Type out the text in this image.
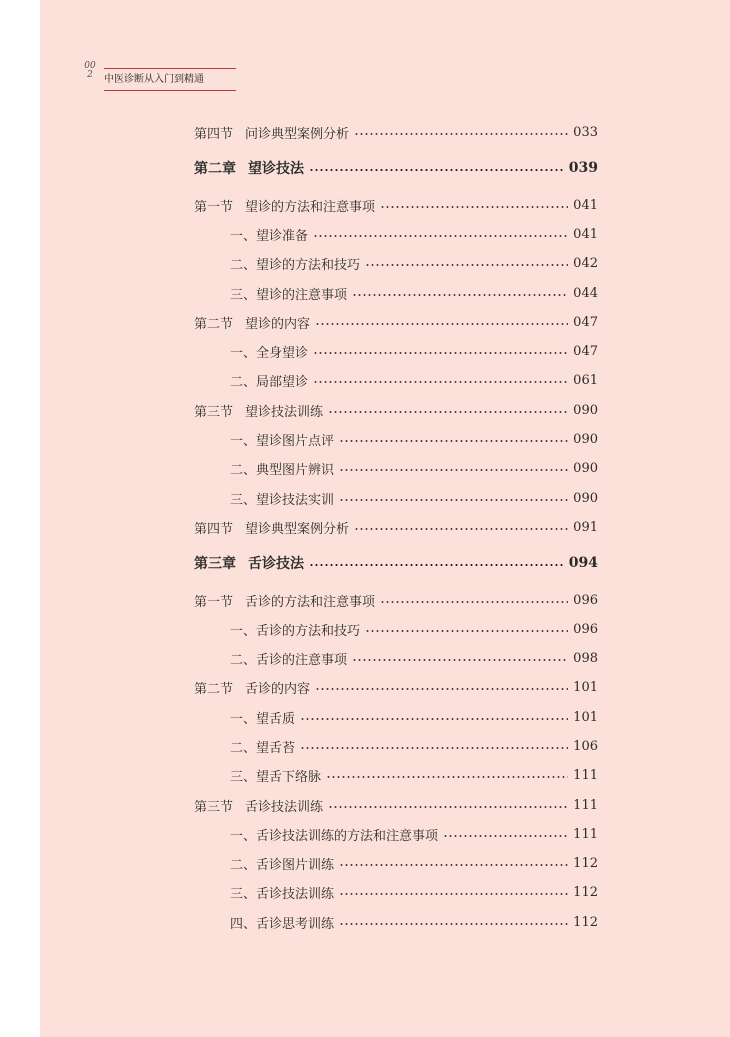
002	中医诊断从入门到精通
第四节 问诊典型案例分析	033
第二章 望诊技法	039
第一节 望诊的方法和注意事项	041
一、望诊准备	041
二、望诊的方法和技巧	042
三、望诊的注意事项	044
第二节 望诊的内容	047
一、全身望诊	047
二、局部望诊	061
第三节 望诊技法训练	090
一、望诊图片点评	090
二、典型图片辨识	090
三、望诊技法实训	090
第四节 望诊典型案例分析	091
第三章 舌诊技法	094
第一节 舌诊的方法和注意事项	096
一、舌诊的方法和技巧	096
二、舌诊的注意事项	098
第二节 舌诊的内容	101
一、望舌质	101
二、望舌苔	106
三、望舌下络脉	111
第三节 舌诊技法训练	111
一、舌诊技法训练的方法和注意事项	111
二、舌诊图片训练	112
三、舌诊技法训练	112
四、舌诊思考训练	112
